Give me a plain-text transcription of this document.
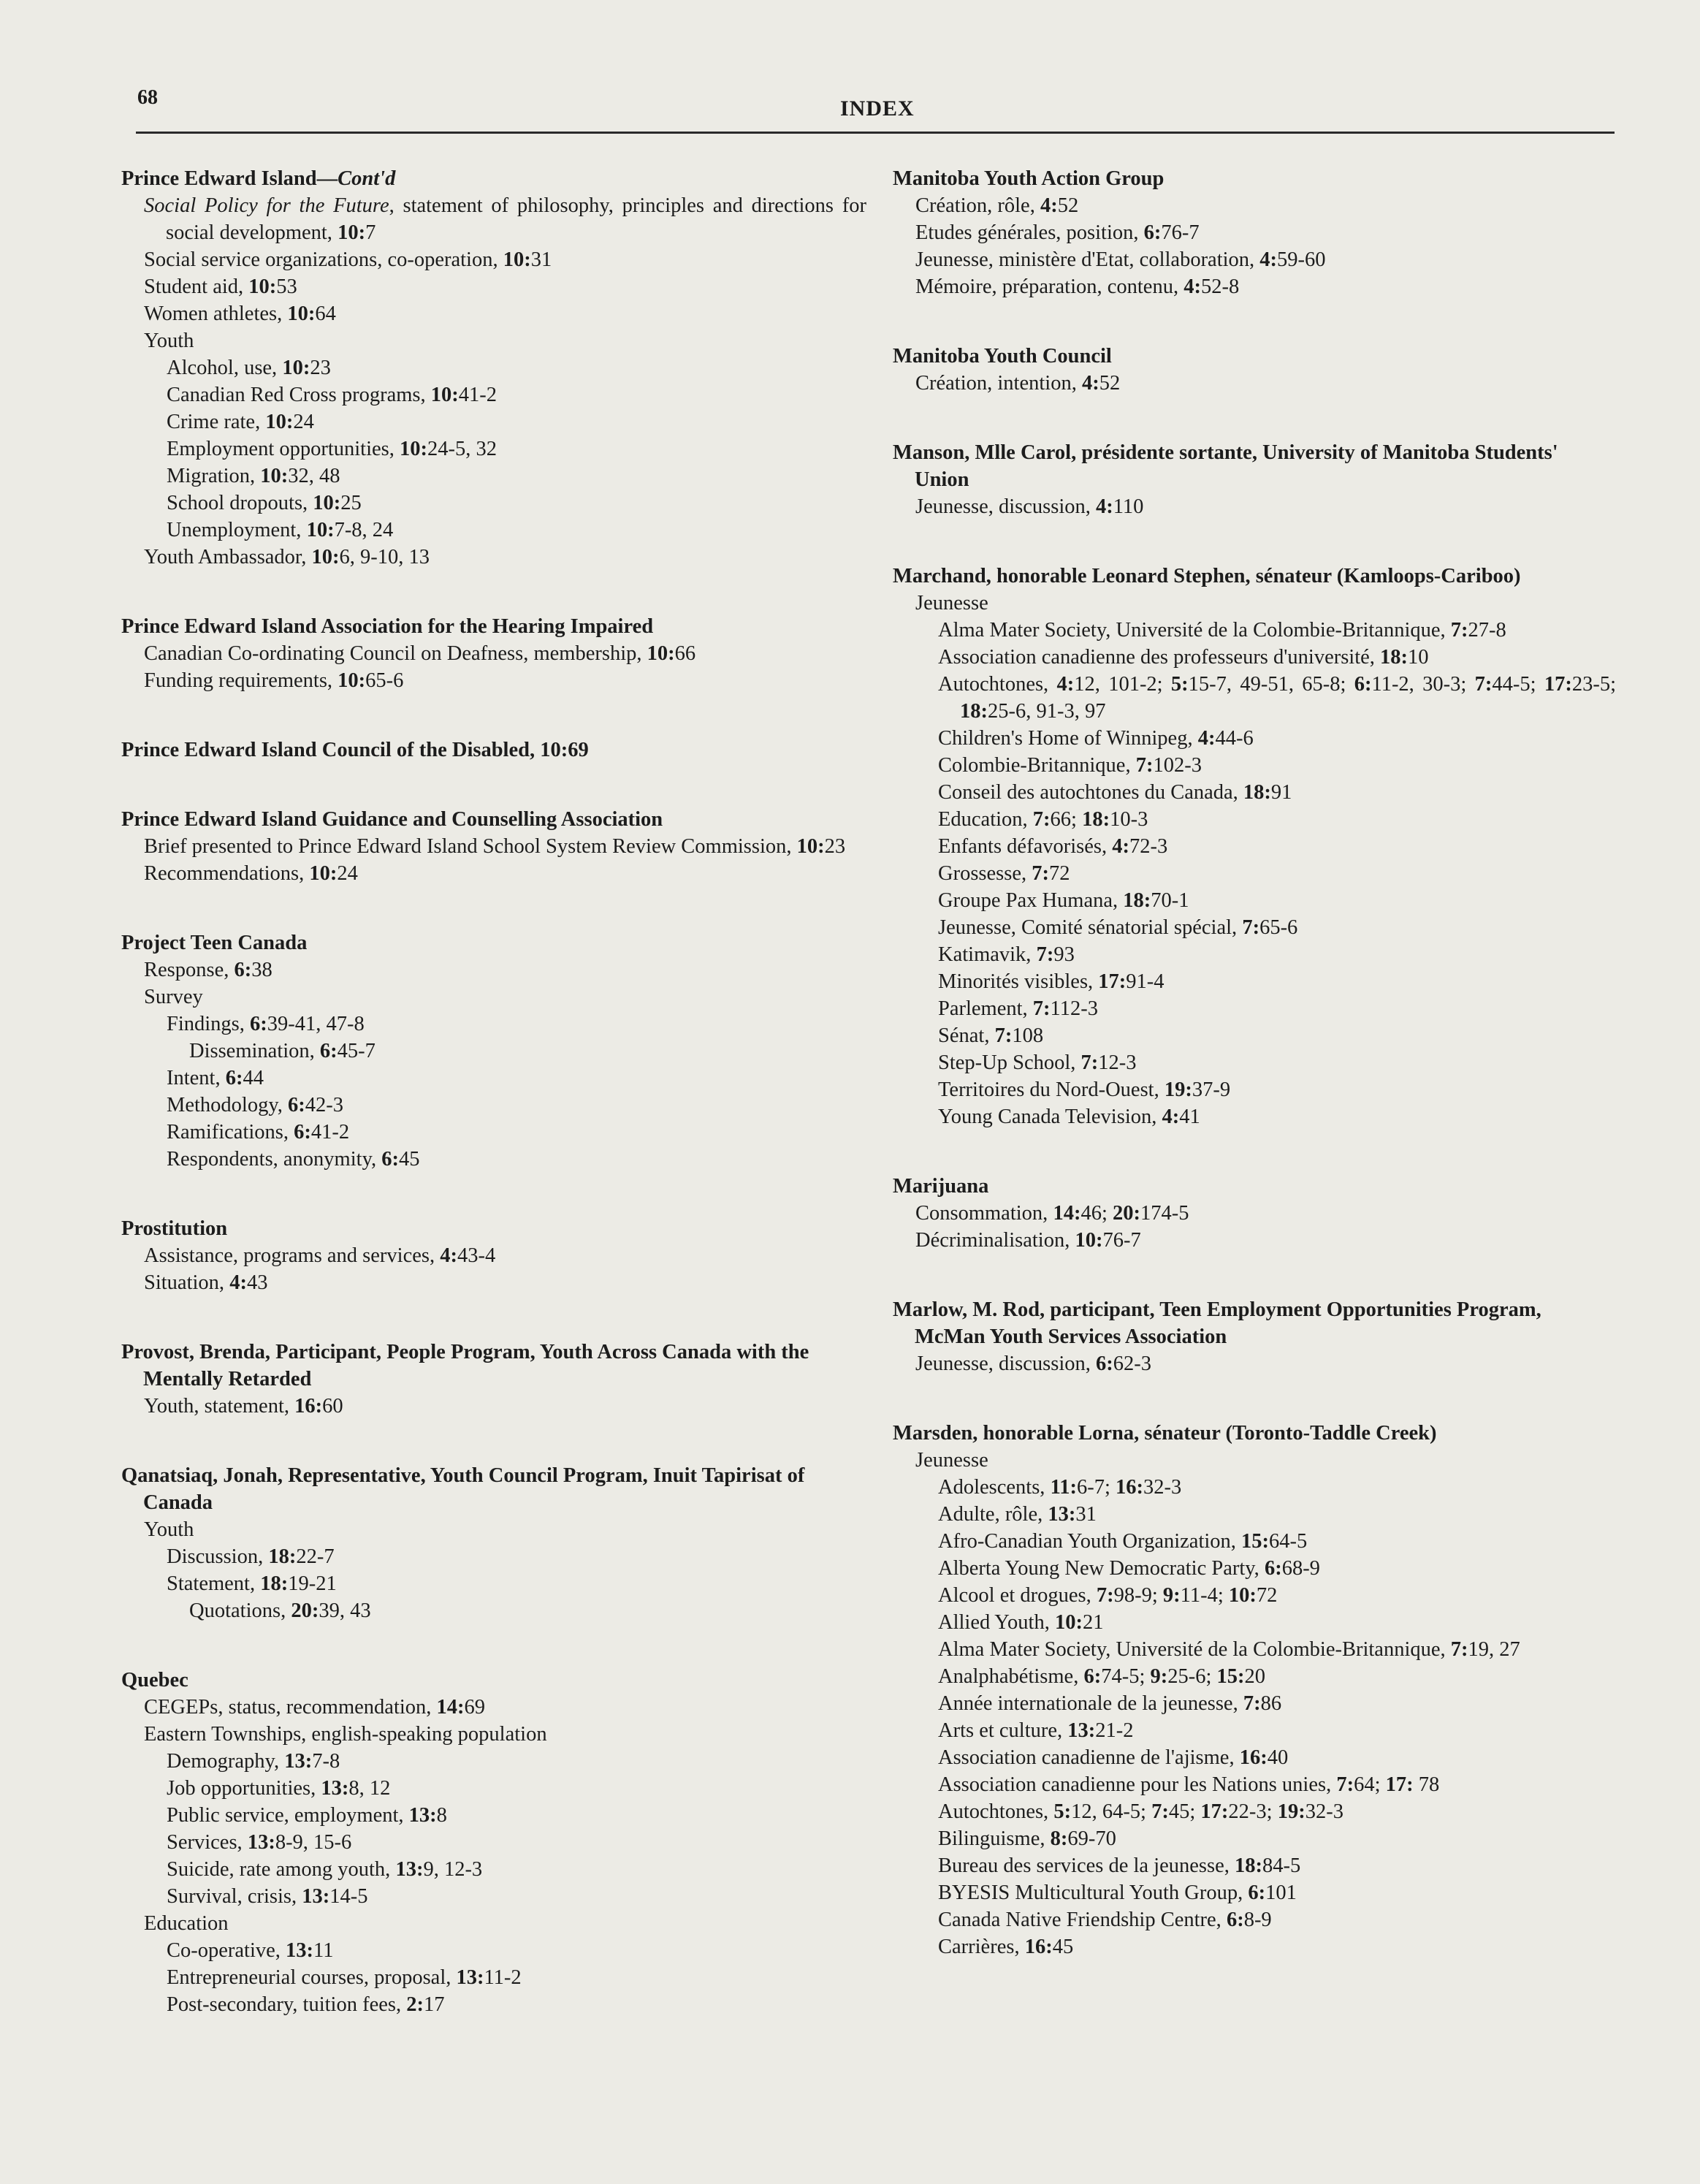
68	INDEX
Prince Edward Island—Cont'd
Social Policy for the Future, statement of philosophy, principles and directions for social development, 10:7
Social service organizations, co-operation, 10:31
Student aid, 10:53
Women athletes, 10:64
Youth
Alcohol, use, 10:23
Canadian Red Cross programs, 10:41-2
Crime rate, 10:24
Employment opportunities, 10:24-5, 32
Migration, 10:32, 48
School dropouts, 10:25
Unemployment, 10:7-8, 24
Youth Ambassador, 10:6, 9-10, 13
Prince Edward Island Association for the Hearing Impaired
Canadian Co-ordinating Council on Deafness, membership, 10:66
Funding requirements, 10:65-6
Prince Edward Island Council of the Disabled, 10:69
Prince Edward Island Guidance and Counselling Association
Brief presented to Prince Edward Island School System Review Commission, 10:23
Recommendations, 10:24
Project Teen Canada
Response, 6:38
Survey
Findings, 6:39-41, 47-8
Dissemination, 6:45-7
Intent, 6:44
Methodology, 6:42-3
Ramifications, 6:41-2
Respondents, anonymity, 6:45
Prostitution
Assistance, programs and services, 4:43-4
Situation, 4:43
Provost, Brenda, Participant, People Program, Youth Across Canada with the Mentally Retarded
Youth, statement, 16:60
Qanatsiaq, Jonah, Representative, Youth Council Program, Inuit Tapirisat of Canada
Youth
Discussion, 18:22-7
Statement, 18:19-21
Quotations, 20:39, 43
Quebec
CEGEPs, status, recommendation, 14:69
Eastern Townships, english-speaking population
Demography, 13:7-8
Job opportunities, 13:8, 12
Public service, employment, 13:8
Services, 13:8-9, 15-6
Suicide, rate among youth, 13:9, 12-3
Survival, crisis, 13:14-5
Education
Co-operative, 13:11
Entrepreneurial courses, proposal, 13:11-2
Post-secondary, tuition fees, 2:17
Manitoba Youth Action Group
Création, rôle, 4:52
Etudes générales, position, 6:76-7
Jeunesse, ministère d'Etat, collaboration, 4:59-60
Mémoire, préparation, contenu, 4:52-8
Manitoba Youth Council
Création, intention, 4:52
Manson, Mlle Carol, présidente sortante, University of Manitoba Students' Union
Jeunesse, discussion, 4:110
Marchand, honorable Leonard Stephen, sénateur (Kamloops-Cariboo)
Jeunesse
Alma Mater Society, Université de la Colombie-Britannique, 7:27-8
Association canadienne des professeurs d'université, 18:10
Autochtones, 4:12, 101-2; 5:15-7, 49-51, 65-8; 6:11-2, 30-3; 7:44-5; 17:23-5; 18:25-6, 91-3, 97
Children's Home of Winnipeg, 4:44-6
Colombie-Britannique, 7:102-3
Conseil des autochtones du Canada, 18:91
Education, 7:66; 18:10-3
Enfants défavorisés, 4:72-3
Grossesse, 7:72
Groupe Pax Humana, 18:70-1
Jeunesse, Comité sénatorial spécial, 7:65-6
Katimavik, 7:93
Minorités visibles, 17:91-4
Parlement, 7:112-3
Sénat, 7:108
Step-Up School, 7:12-3
Territoires du Nord-Ouest, 19:37-9
Young Canada Television, 4:41
Marijuana
Consommation, 14:46; 20:174-5
Décriminalisation, 10:76-7
Marlow, M. Rod, participant, Teen Employment Opportunities Program, McMan Youth Services Association
Jeunesse, discussion, 6:62-3
Marsden, honorable Lorna, sénateur (Toronto-Taddle Creek)
Jeunesse
Adolescents, 11:6-7; 16:32-3
Adulte, rôle, 13:31
Afro-Canadian Youth Organization, 15:64-5
Alberta Young New Democratic Party, 6:68-9
Alcool et drogues, 7:98-9; 9:11-4; 10:72
Allied Youth, 10:21
Alma Mater Society, Université de la Colombie-Britannique, 7:19, 27
Analphabétisme, 6:74-5; 9:25-6; 15:20
Année internationale de la jeunesse, 7:86
Arts et culture, 13:21-2
Association canadienne de l'ajisme, 16:40
Association canadienne pour les Nations unies, 7:64; 17: 78
Autochtones, 5:12, 64-5; 7:45; 17:22-3; 19:32-3
Bilinguisme, 8:69-70
Bureau des services de la jeunesse, 18:84-5
BYESIS Multicultural Youth Group, 6:101
Canada Native Friendship Centre, 6:8-9
Carrières, 16:45
